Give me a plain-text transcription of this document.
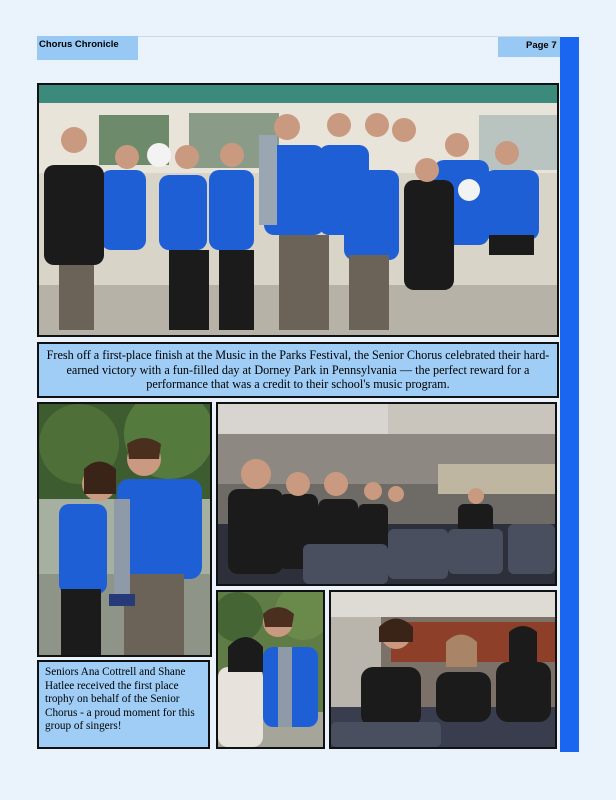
Chorus Chronicle	Page 7
Fresh off a first-place finish at the Music in the Parks Festival, the Senior Chorus celebrated their hard-earned victory with a fun-filled day at Dorney Park in Pennsylvania — the perfect reward for a performance that was a credit to their school's music program.
Seniors Ana Cottrell and Shane Hatlee received the first place trophy on behalf of the Senior Chorus - a proud moment for this group of singers!
